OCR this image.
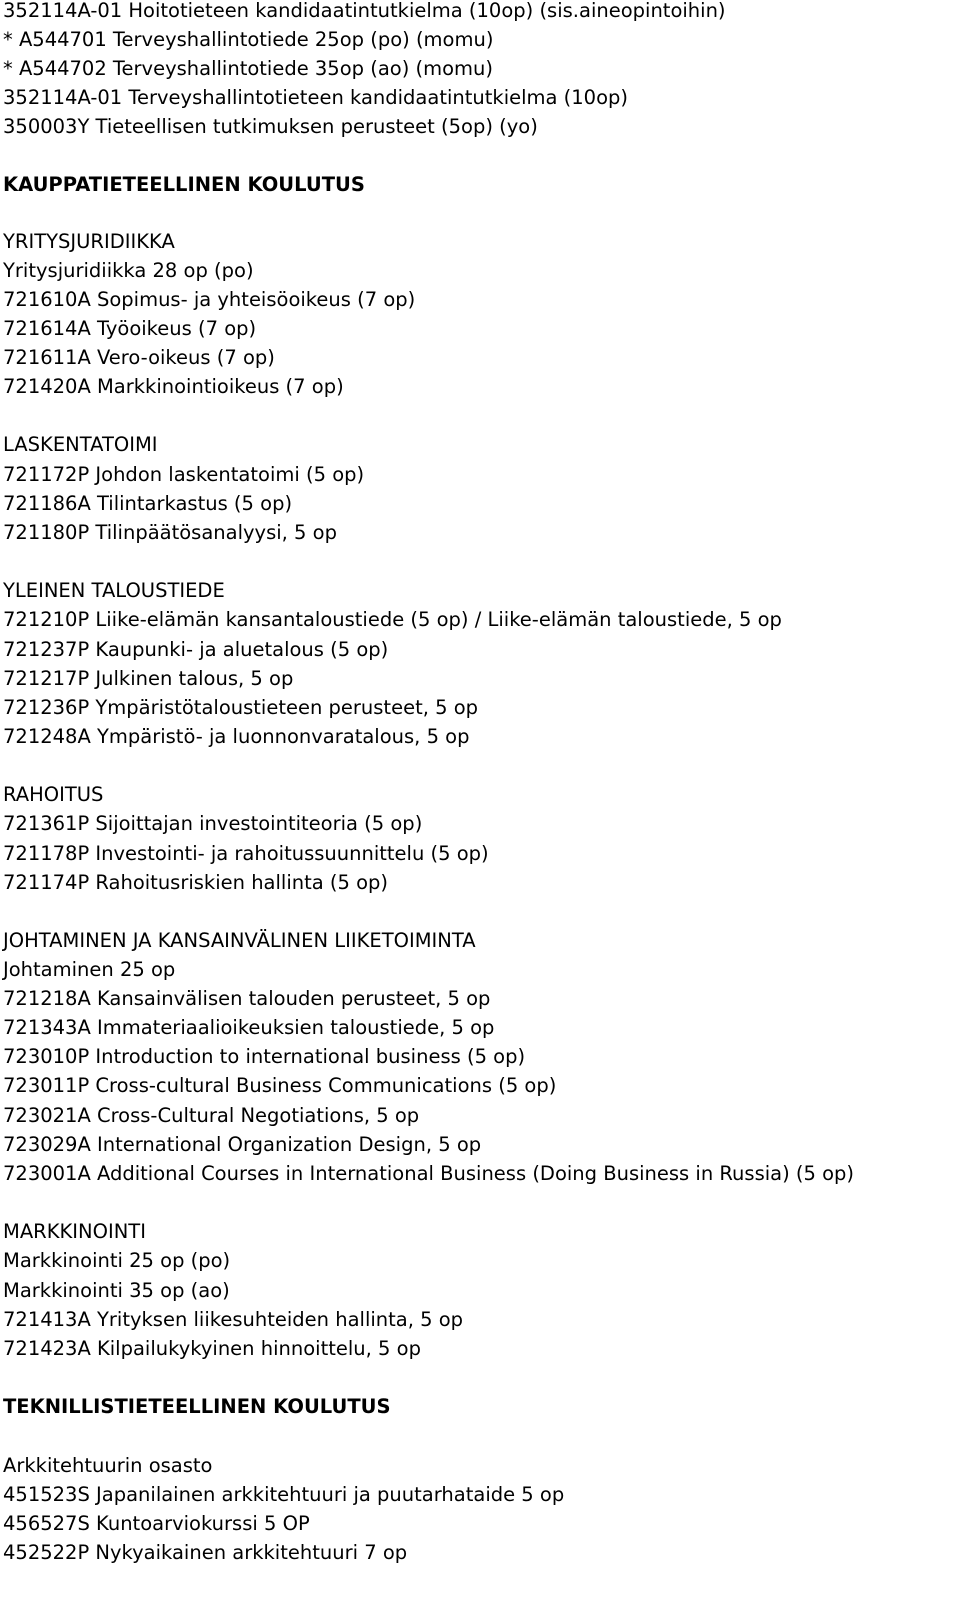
352114A-01 Hoitotieteen kandidaatintutkielma (10op) (sis.aineopintoihin)
* A544701 Terveyshallintotiede 25op (po) (momu)
* A544702 Terveyshallintotiede 35op (ao) (momu)
352114A-01 Terveyshallintotieteen kandidaatintutkielma (10op)
350003Y Tieteellisen tutkimuksen perusteet (5op) (yo)
KAUPPATIETEELLINEN KOULUTUS
YRITYSJURIDIIKKA
Yritysjuridiikka 28 op (po)
721610A Sopimus- ja yhteisöoikeus (7 op)
721614A Työoikeus (7 op)
721611A Vero-oikeus (7 op)
721420A Markkinointioikeus (7 op)
LASKENTATOIMI
721172P Johdon laskentatoimi (5 op)
721186A Tilintarkastus (5 op)
721180P Tilinpäätösanalyysi, 5 op
YLEINEN TALOUSTIEDE
721210P Liike-elämän kansantaloustiede (5 op) / Liike-elämän taloustiede, 5 op
721237P Kaupunki- ja aluetalous (5 op)
721217P Julkinen talous, 5 op
721236P Ympäristötaloustieteen perusteet, 5 op
721248A Ympäristö- ja luonnonvaratalous, 5 op
RAHOITUS
721361P Sijoittajan investointiteoria (5 op)
721178P Investointi- ja rahoitussuunnittelu (5 op)
721174P Rahoitusriskien hallinta (5 op)
JOHTAMINEN JA KANSAINVÄLINEN LIIKETOIMINTA
Johtaminen 25 op
721218A Kansainvälisen talouden perusteet, 5 op
721343A Immateriaalioikeuksien taloustiede, 5 op
723010P Introduction to international business (5 op)
723011P Cross-cultural Business Communications (5 op)
723021A Cross-Cultural Negotiations, 5 op
723029A International Organization Design, 5 op
723001A Additional Courses in International Business (Doing Business in Russia) (5 op)
MARKKINOINTI
Markkinointi 25 op (po)
Markkinointi 35 op (ao)
721413A Yrityksen liikesuhteiden hallinta, 5 op
721423A Kilpailukykyinen hinnoittelu, 5 op
TEKNILLISTIETEELLINEN KOULUTUS
Arkkitehtuurin osasto
451523S Japanilainen arkkitehtuuri ja puutarhataide 5 op
456527S Kuntoarviokurssi 5 OP
452522P Nykyaikainen arkkitehtuuri 7 op
